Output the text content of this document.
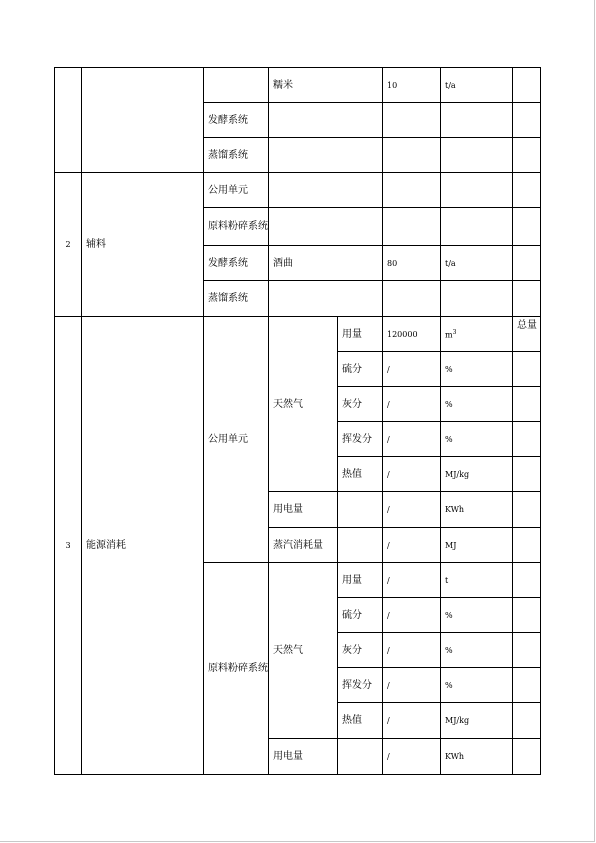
			糯米		10	t/a	
		发酵系统					
		蒸馏系统					
2	辅料	公用单元					
		原料粉碎系统					
		发酵系统	酒曲		80	t/a	
		蒸馏系统					
3	能源消耗	公用单元	天然气	用量	120000	$m^3$	总量
				硫分	/	%	
				灰分	/	%	
				挥发分	/	%	
				热值	/	MJ/kg	
			用电量		/	KWh	
			蒸汽消耗量		/	MJ	
		原料粉碎系统	天然气	用量	/	t	
				硫分	/	%	
				灰分	/	%	
				挥发分	/	%	
				热值	/	MJ/kg	
			用电量		/	KWh	
